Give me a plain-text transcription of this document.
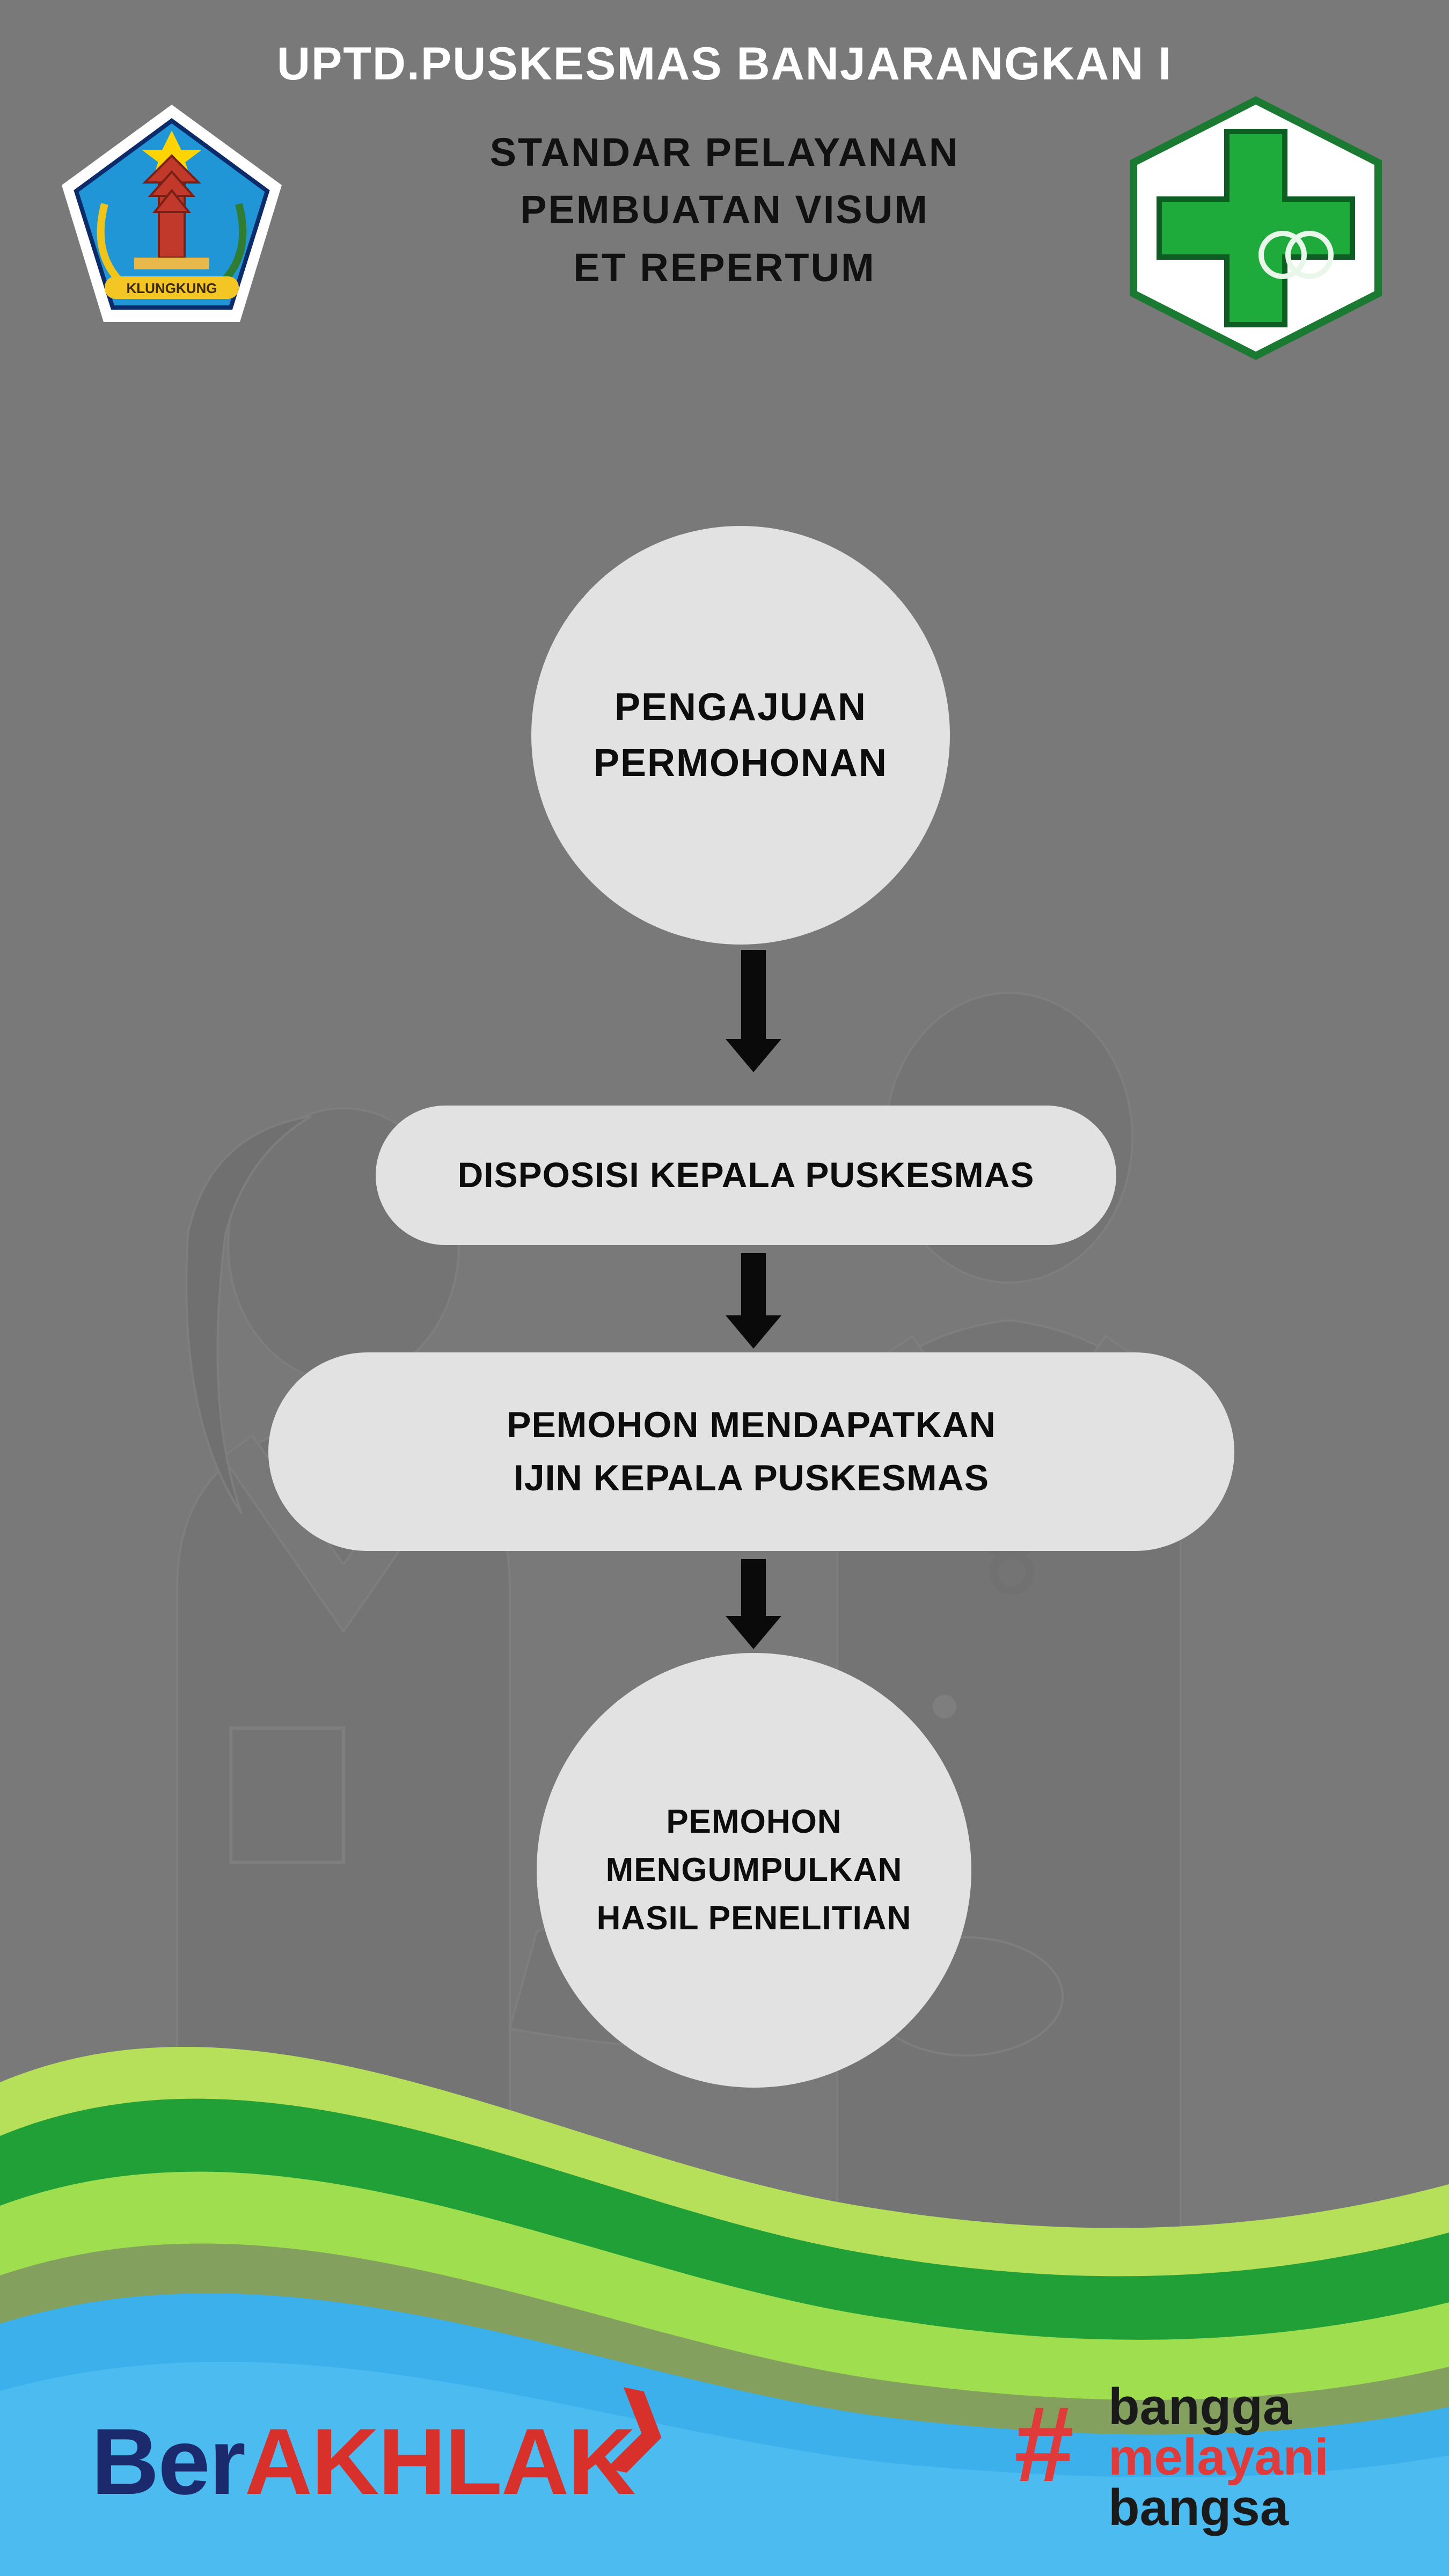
UPTD.PUSKESMAS BANJARANGKAN I
STANDAR PELAYANAN
PEMBUATAN VISUM
ET REPERTUM
KLUNGKUNG
PENGAJUAN
PERMOHONAN
DISPOSISI KEPALA PUSKESMAS
PEMOHON MENDAPATKAN
IJIN KEPALA PUSKESMAS
PEMOHON
MENGUMPULKAN
HASIL PENELITIAN
BerAKHLAK
❯	# bangga
melayani
bangsa
